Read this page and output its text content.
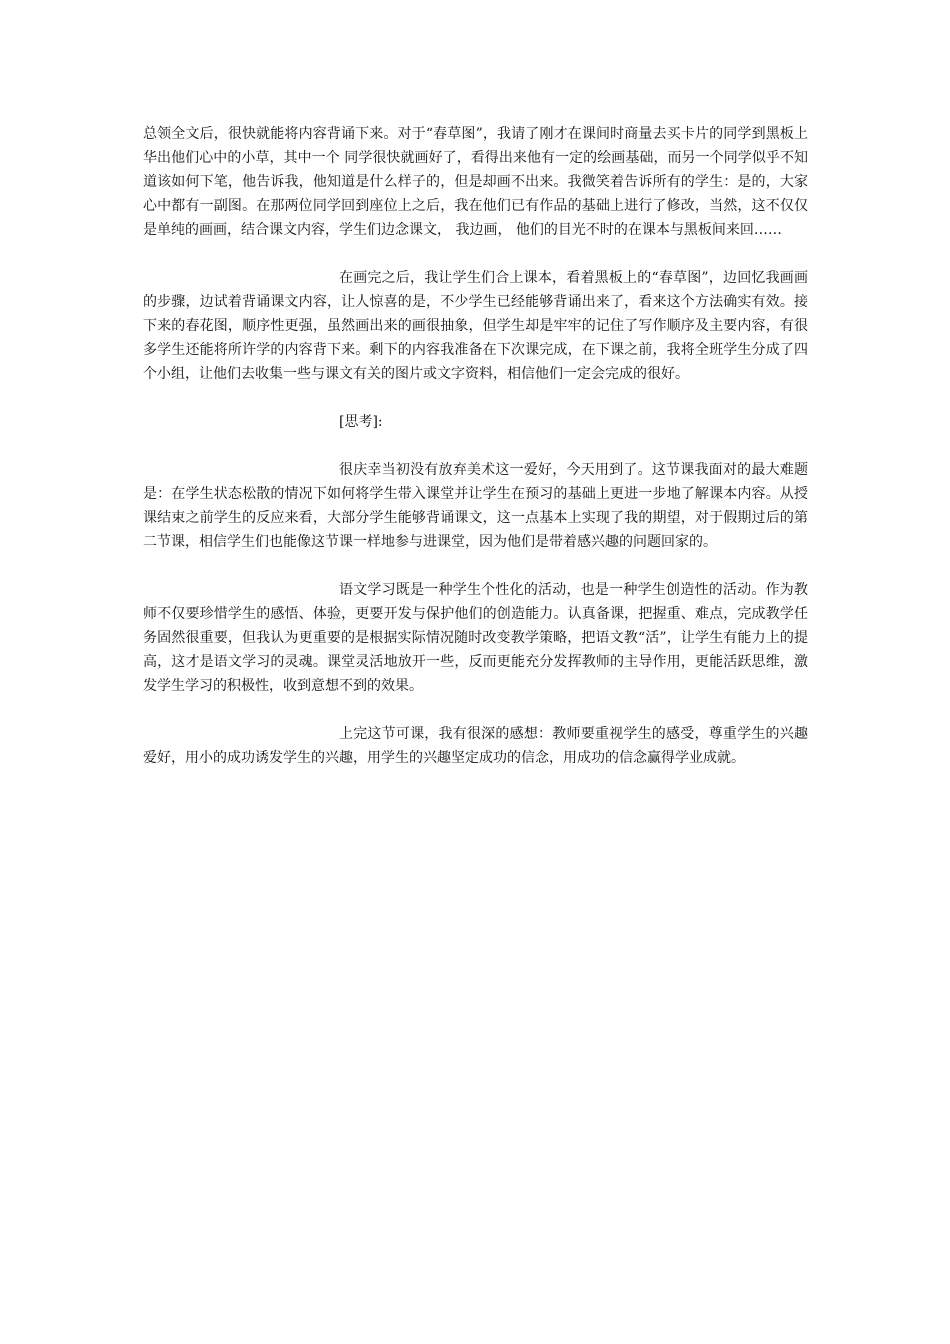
总领全文后，很快就能将内容背诵下来。对于“春草图”，我请了刚才在课间时商量去买卡片的同学到黑板上华出他们心中的小草，其中一个 同学很快就画好了，看得出来他有一定的绘画基础，而另一个同学似乎不知道该如何下笔，他告诉我，他知道是什么样子的，但是却画不出来。我微笑着告诉所有的学生：是的，大家心中都有一副图。在那两位同学回到座位上之后，我在他们已有作品的基础上进行了修改，当然，这不仅仅是单纯的画画，结合课文内容，学生们边念课文， 我边画， 他们的目光不时的在课本与黑板间来回……

在画完之后，我让学生们合上课本，看着黑板上的“春草图”，边回忆我画画的步骤，边试着背诵课文内容，让人惊喜的是，不少学生已经能够背诵出来了，看来这个方法确实有效。接下来的春花图，顺序性更强，虽然画出来的画很抽象，但学生却是牢牢的记住了写作顺序及主要内容，有很多学生还能将所许学的内容背下来。剩下的内容我准备在下次课完成，在下课之前，我将全班学生分成了四个小组，让他们去收集一些与课文有关的图片或文字资料，相信他们一定会完成的很好。

[思考]:

很庆幸当初没有放弃美术这一爱好，今天用到了。这节课我面对的最大难题是：在学生状态松散的情况下如何将学生带入课堂并让学生在预习的基础上更进一步地了解课本内容。从授课结束之前学生的反应来看，大部分学生能够背诵课文，这一点基本上实现了我的期望，对于假期过后的第二节课，相信学生们也能像这节课一样地参与进课堂，因为他们是带着感兴趣的问题回家的。

语文学习既是一种学生个性化的活动，也是一种学生创造性的活动。作为教师不仅要珍惜学生的感悟、体验，更要开发与保护他们的创造能力。认真备课，把握重、难点，完成教学任务固然很重要，但我认为更重要的是根据实际情况随时改变教学策略，把语文教“活”，让学生有能力上的提高，这才是语文学习的灵魂。课堂灵活地放开一些，反而更能充分发挥教师的主导作用，更能活跃思维，激发学生学习的积极性，收到意想不到的效果。

上完这节可课，我有很深的感想：教师要重视学生的感受，尊重学生的兴趣爱好，用小的成功诱发学生的兴趣，用学生的兴趣坚定成功的信念，用成功的信念赢得学业成就。
